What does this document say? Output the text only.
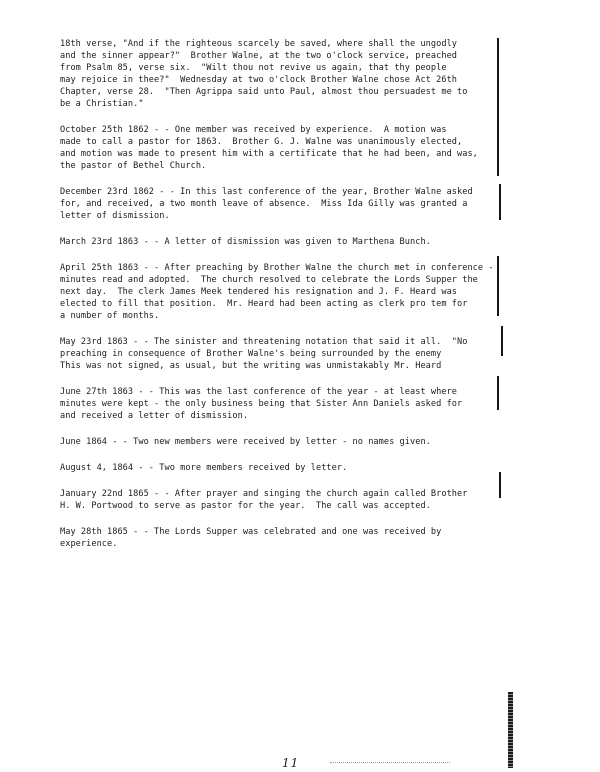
18th verse, "And if the righteous scarcely be saved, where shall the ungodly
and the sinner appear?"  Brother Walne, at the two o'clock service, preached
from Psalm 85, verse six.  "Wilt thou not revive us again, that thy people
may rejoice in thee?"  Wednesday at two o'clock Brother Walne chose Act 26th
Chapter, verse 28.  "Then Agrippa said unto Paul, almost thou persuadest me to
be a Christian."
October 25th 1862 - - One member was received by experience.  A motion was
made to call a pastor for 1863.  Brother G. J. Walne was unanimously elected,
and motion was made to present him with a certificate that he had been, and was,
the pastor of Bethel Church.
December 23rd 1862 - - In this last conference of the year, Brother Walne asked
for, and received, a two month leave of absence.  Miss Ida Gilly was granted a
letter of dismission.
March 23rd 1863 - - A letter of dismission was given to Marthena Bunch.
April 25th 1863 - - After preaching by Brother Walne the church met in conference -
minutes read and adopted.  The church resolved to celebrate the Lords Supper the
next day.  The clerk James Meek tendered his resignation and J. F. Heard was
elected to fill that position.  Mr. Heard had been acting as clerk pro tem for
a number of months.
May 23rd 1863 - - The sinister and threatening notation that said it all.  "No
preaching in consequence of Brother Walne's being surrounded by the enemy
This was not signed, as usual, but the writing was unmistakably Mr. Heard
June 27th 1863 - - This was the last conference of the year - at least where
minutes were kept - the only business being that Sister Ann Daniels asked for
and received a letter of dismission.
June 1864 - - Two new members were received by letter - no names given.
August 4, 1864 - - Two more members received by letter.
January 22nd 1865 - - After prayer and singing the church again called Brother
H. W. Portwood to serve as pastor for the year.  The call was accepted.
May 28th 1865 - - The Lords Supper was celebrated and one was received by
experience.
11
